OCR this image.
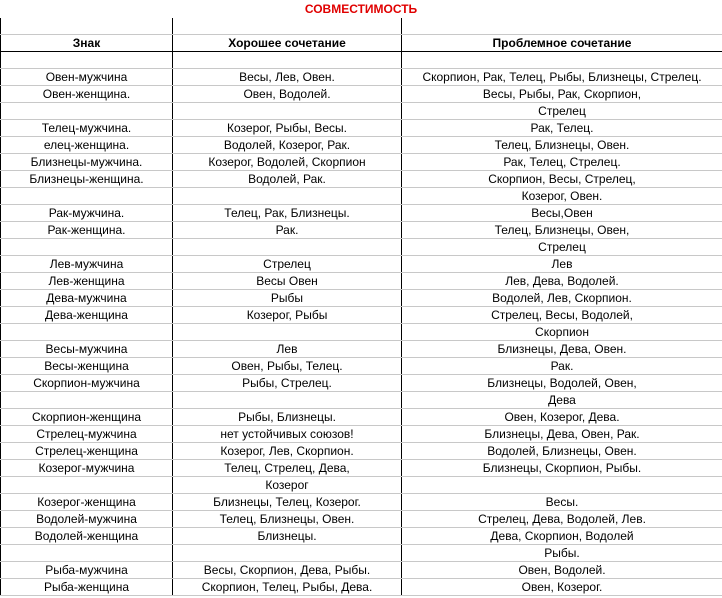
СОВМЕСТИМОСТЬ

Знак	Хорошее сочетание	Проблемное сочетание

Овен-мужчина	Весы, Лев, Овен.	Скорпион, Рак, Телец, Рыбы, Близнецы, Стрелец.
Овен-женщина.	Овен, Водолей.	Весы, Рыбы, Рак, Скорпион,
		Стрелец
Телец-мужчина.	Козерог, Рыбы, Весы.	Рак, Телец.
елец-женщина.	Водолей, Козерог, Рак.	Телец, Близнецы, Овен.
Близнецы-мужчина.	Козерог, Водолей, Скорпион	Рак, Телец, Стрелец.
Близнецы-женщина.	Водолей, Рак.	Скорпион, Весы, Стрелец,
		Козерог, Овен.
Рак-мужчина.	Телец, Рак, Близнецы.	Весы,Овен
Рак-женщина.	Рак.	Телец, Близнецы, Овен,
		Стрелец
Лев-мужчина	Стрелец	Лев
Лев-женщина	Весы Овен	Лев, Дева, Водолей.
Дева-мужчина	Рыбы	Водолей, Лев, Скорпион.
Дева-женщина	Козерог, Рыбы	Стрелец, Весы, Водолей,
		Скорпион
Весы-мужчина	Лев	Близнецы, Дева, Овен.
Весы-женщина	Овен, Рыбы, Телец.	Рак.
Скорпион-мужчина	Рыбы, Стрелец.	Близнецы, Водолей, Овен,
		Дева
Скорпион-женщина	Рыбы, Близнецы.	Овен, Козерог, Дева.
Стрелец-мужчина	нет устойчивых союзов!	Близнецы, Дева, Овен, Рак.
Стрелец-женщина	Козерог, Лев, Скорпион.	Водолей, Близнецы, Овен.
Козерог-мужчина	Телец, Стрелец, Дева,	Близнецы, Скорпион, Рыбы.
	Козерог	
Козерог-женщина	Близнецы, Телец, Козерог.	Весы.
Водолей-мужчина	Телец, Близнецы, Овен.	Стрелец, Дева, Водолей, Лев.
Водолей-женщина	Близнецы.	Дева, Скорпион, Водолей
		Рыбы.
Рыба-мужчина	Весы, Скорпион, Дева, Рыбы.	Овен, Водолей.
Рыба-женщина	Скорпион, Телец, Рыбы, Дева.	Овен, Козерог.
